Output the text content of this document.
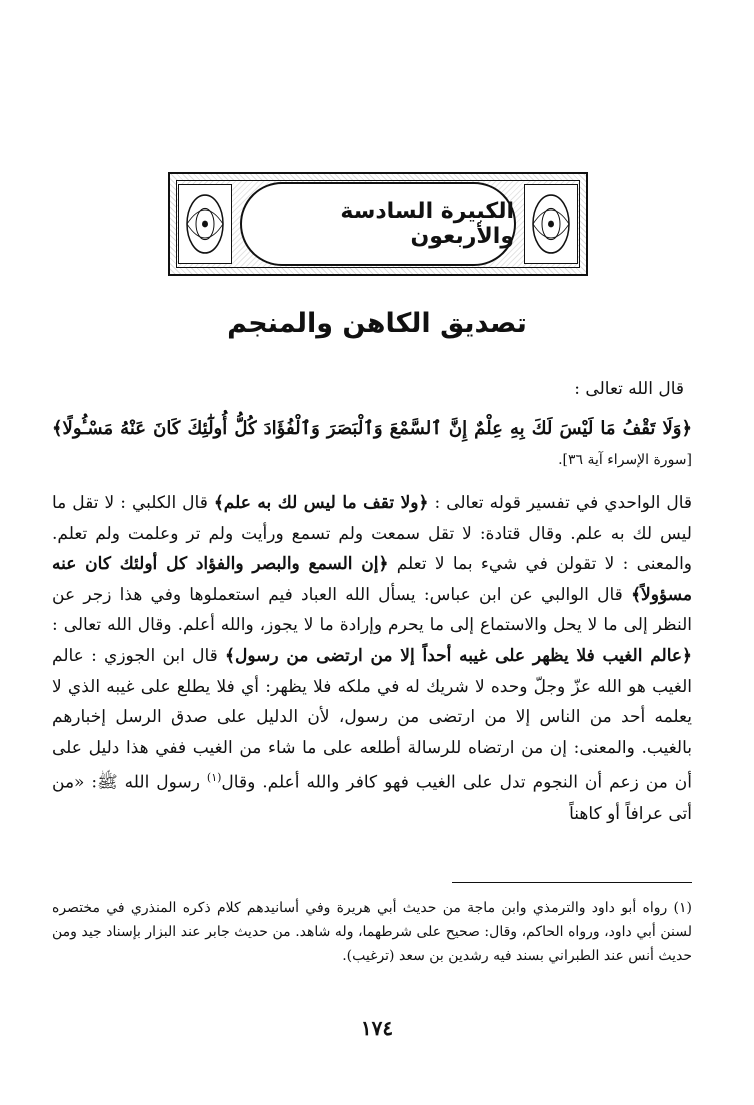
الكبيرة السادسة والأربعون
تصديق الكاهن والمنجم
قال الله تعالى :
﴿وَلَا تَقْفُ مَا لَيْسَ لَكَ بِهِ عِلْمٌ إِنَّ ٱلسَّمْعَ وَٱلْبَصَرَ وَٱلْفُؤَادَ كُلُّ أُولَٰٓئِكَ كَانَ عَنْهُ مَسْـُٔولًا﴾ [سورة الإسراء آية ٣٦].
قال الواحدي في تفسير قوله تعالى : ﴿ولا تقف ما ليس لك به علم﴾ قال الكلبي : لا تقل ما ليس لك به علم. وقال قتادة: لا تقل سمعت ولم تسمع ورأيت ولم تر وعلمت ولم تعلم. والمعنى : لا تقولن في شيء بما لا تعلم ﴿إن السمع والبصر والفؤاد كل أولئك كان عنه مسؤولاً﴾ قال الوالبي عن ابن عباس: يسأل الله العباد فيم استعملوها وفي هذا زجر عن النظر إلى ما لا يحل والاستماع إلى ما يحرم وإرادة ما لا يجوز، والله أعلم. وقال الله تعالى : ﴿عالم الغيب فلا يظهر على غيبه أحداً إلا من ارتضى من رسول﴾ قال ابن الجوزي : عالم الغيب هو الله عزّ وجلّ وحده لا شريك له في ملكه فلا يظهر: أي فلا يطلع على غيبه الذي لا يعلمه أحد من الناس إلا من ارتضى من رسول، لأن الدليل على صدق الرسل إخبارهم بالغيب. والمعنى: إن من ارتضاه للرسالة أطلعه على ما شاء من الغيب ففي هذا دليل على أن من زعم أن النجوم تدل على الغيب فهو كافر والله أعلم. وقال$^{(١)}$ رسول الله ﷺ: «من أتى عرافاً أو كاهناً
(١) رواه أبو داود والترمذي وابن ماجة من حديث أبي هريرة وفي أسانيدهم كلام ذكره المنذري في مختصره لسنن أبي داود، ورواه الحاكم، وقال: صحيح على شرطهما، وله شاهد. من حديث جابر عند البزار بإسناد جيد ومن حديث أنس عند الطبراني بسند فيه رشدين بن سعد (ترغيب).
١٧٤
